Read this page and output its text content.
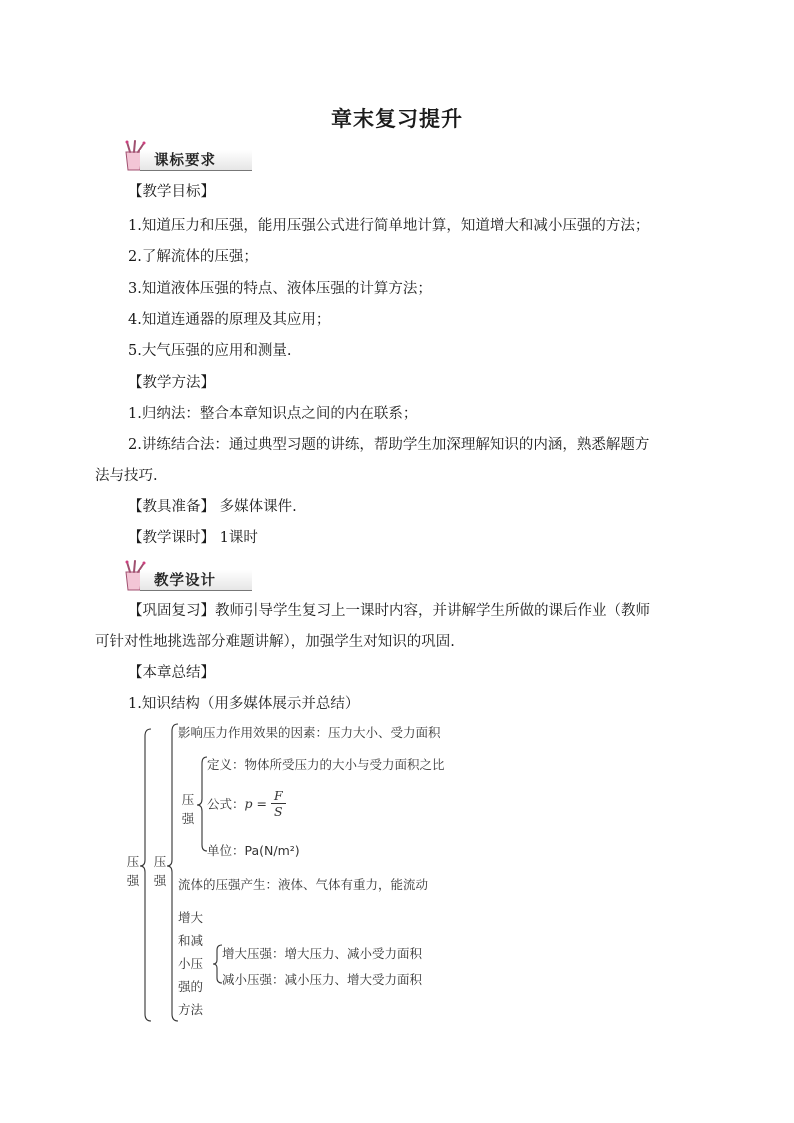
章末复习提升
课标要求
【教学目标】
1.知道压力和压强，能用压强公式进行简单地计算，知道增大和减小压强的方法；
2.了解流体的压强；
3.知道液体压强的特点、液体压强的计算方法；
4.知道连通器的原理及其应用；
5.大气压强的应用和测量.
【教学方法】
1.归纳法：整合本章知识点之间的内在联系；
2.讲练结合法：通过典型习题的讲练，帮助学生加深理解知识的内涵，熟悉解题方
法与技巧.
【教具准备】 多媒体课件.
【教学课时】 1课时
教学设计
【巩固复习】教师引导学生复习上一课时内容，并讲解学生所做的课后作业（教师
可针对性地挑选部分难题讲解），加强学生对知识的巩固.
【本章总结】
1.知识结构（用多媒体展示并总结）
压强
压强
压强
影响压力作用效果的因素：压力大小、受力面积
定义：物体所受压力的大小与受力面积之比
公式：$p = \frac{F}{S}$
单位：Pa(N/m²)
流体的压强产生：液体、气体有重力，能流动
增大和减小压强的方法
增大压强：增大压力、减小受力面积
减小压强：减小压力、增大受力面积
